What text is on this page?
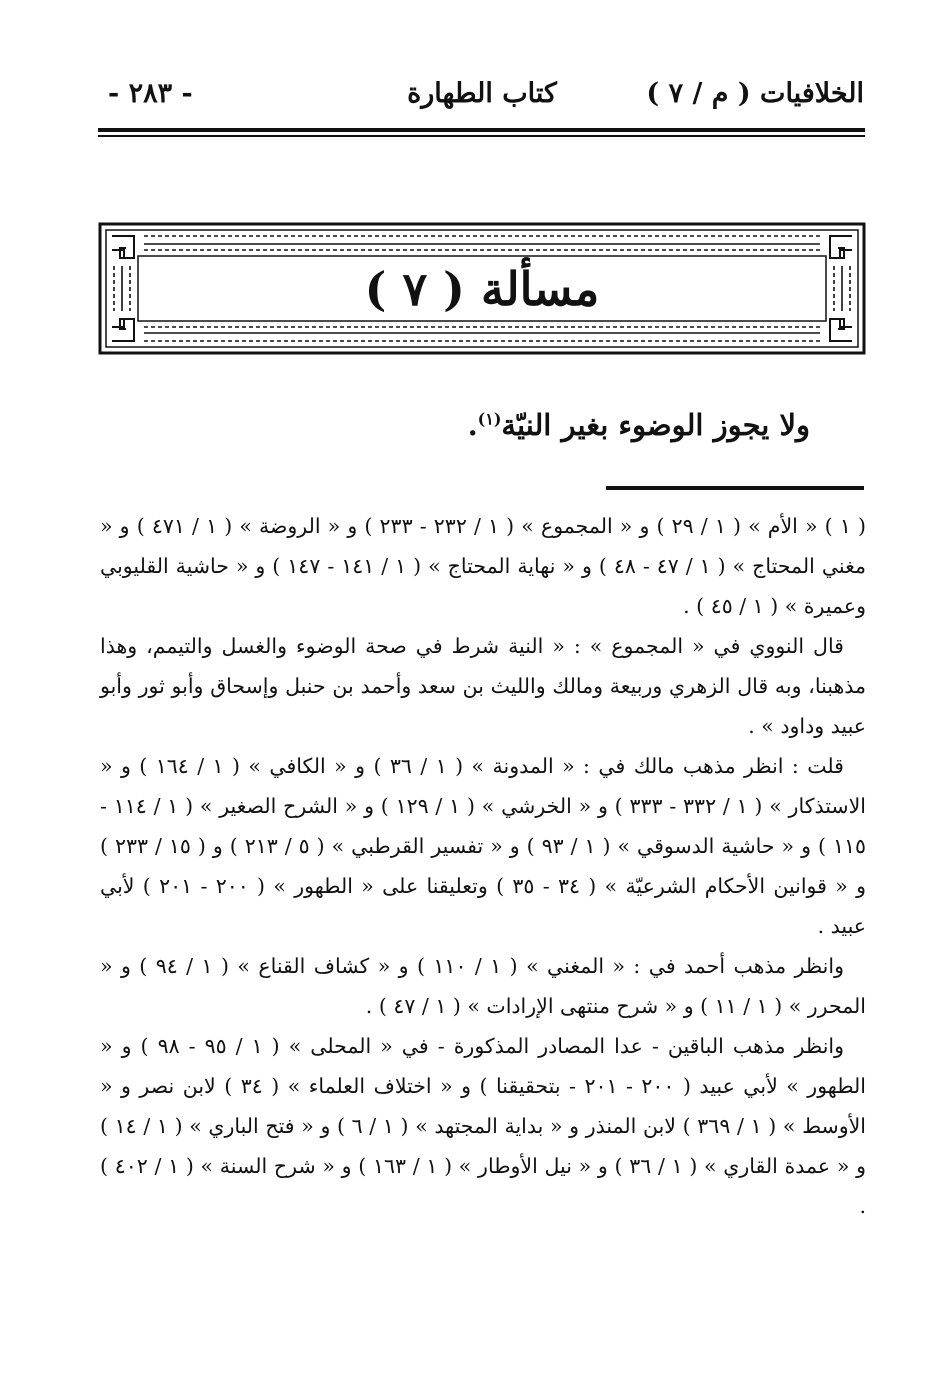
الخلافيات ( م / ٧ )
كتاب الطهارة
- ٢٨٣ -
مسألة ( ٧ )
ولا يجوز الوضوء بغير النيّة$^{(١)}$.

( ١ ) « الأم » ( ١ / ٢٩ ) و « المجموع » ( ١ / ٢٣٢ - ٢٣٣ ) و « الروضة » ( ١ / ٤٧١ ) و « مغني المحتاج » ( ١ / ٤٧ - ٤٨ ) و « نهاية المحتاج » ( ١ / ١٤١ - ١٤٧ ) و « حاشية القليوبي وعميرة » ( ١ / ٤٥ ) .

قال النووي في « المجموع » : « النية شرط في صحة الوضوء والغسل والتيمم، وهذا مذهبنا، وبه قال الزهري وربيعة ومالك والليث بن سعد وأحمد بن حنبل وإسحاق وأبو ثور وأبو عبيد وداود » .

قلت : انظر مذهب مالك في : « المدونة » ( ١ / ٣٦ ) و « الكافي » ( ١ / ١٦٤ ) و « الاستذكار » ( ١ / ٣٣٢ - ٣٣٣ ) و « الخرشي » ( ١ / ١٢٩ ) و « الشرح الصغير » ( ١ / ١١٤ - ١١٥ ) و « حاشية الدسوقي » ( ١ / ٩٣ ) و « تفسير القرطبي » ( ٥ / ٢١٣ ) و ( ١٥ / ٢٣٣ ) و « قوانين الأحكام الشرعيّة » ( ٣٤ - ٣٥ ) وتعليقنا على « الطهور » ( ٢٠٠ - ٢٠١ ) لأبي عبيد .

وانظر مذهب أحمد في : « المغني » ( ١ / ١١٠ ) و « كشاف القناع » ( ١ / ٩٤ ) و « المحرر » ( ١ / ١١ ) و « شرح منتهى الإرادات » ( ١ / ٤٧ ) .

وانظر مذهب الباقين - عدا المصادر المذكورة - في « المحلى » ( ١ / ٩٥ - ٩٨ ) و « الطهور » لأبي عبيد ( ٢٠٠ - ٢٠١ - بتحقيقنا ) و « اختلاف العلماء » ( ٣٤ ) لابن نصر و « الأوسط » ( ١ / ٣٦٩ ) لابن المنذر و « بداية المجتهد » ( ١ / ٦ ) و « فتح الباري » ( ١ / ١٤ ) و « عمدة القاري » ( ١ / ٣٦ ) و « نيل الأوطار » ( ١ / ١٦٣ ) و « شرح السنة » ( ١ / ٤٠٢ ) .
